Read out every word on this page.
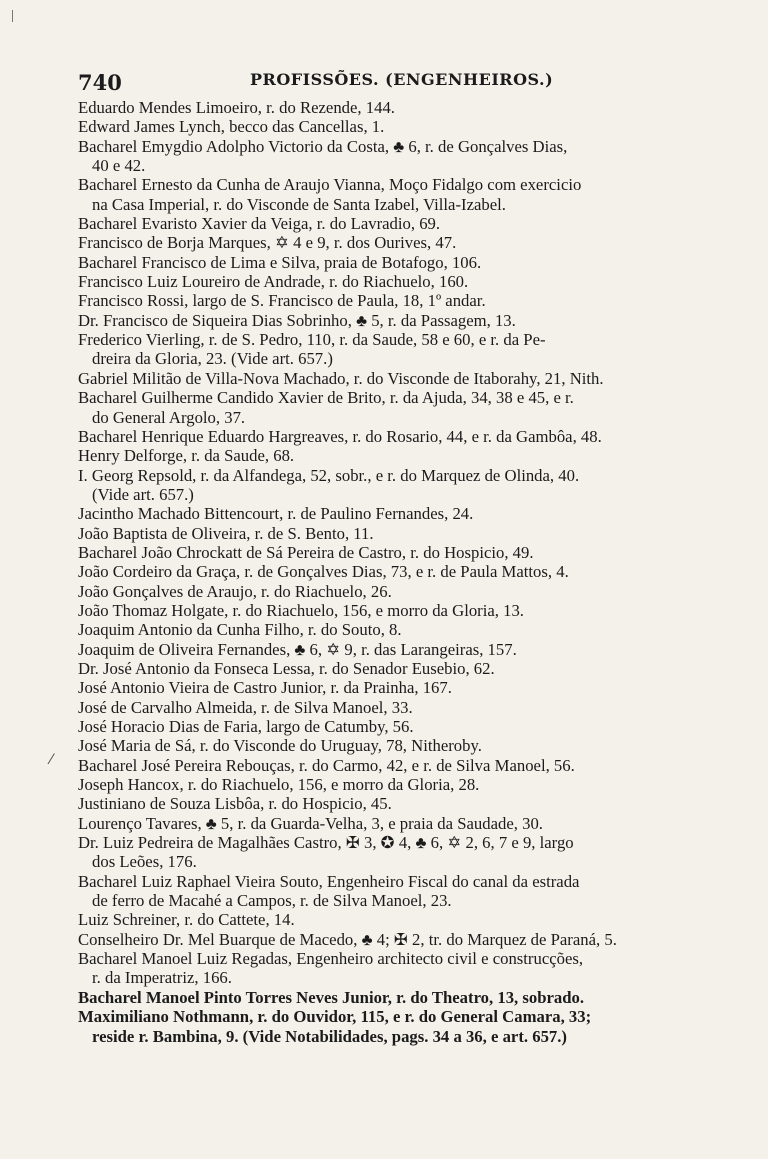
740	PROFISSÕES. (ENGENHEIROS.)
⁄
Eduardo Mendes Limoeiro, r. do Rezende, 144.
Edward James Lynch, becco das Cancellas, 1.
Bacharel Emygdio Adolpho Victorio da Costa, ♣ 6, r. de Gonçalves Dias,
40 e 42.
Bacharel Ernesto da Cunha de Araujo Vianna, Moço Fidalgo com exercicio
na Casa Imperial, r. do Visconde de Santa Izabel, Villa-Izabel.
Bacharel Evaristo Xavier da Veiga, r. do Lavradio, 69.
Francisco de Borja Marques, ✡ 4 e 9, r. dos Ourives, 47.
Bacharel Francisco de Lima e Silva, praia de Botafogo, 106.
Francisco Luiz Loureiro de Andrade, r. do Riachuelo, 160.
Francisco Rossi, largo de S. Francisco de Paula, 18, 1º andar.
Dr. Francisco de Siqueira Dias Sobrinho, ♣ 5, r. da Passagem, 13.
Frederico Vierling, r. de S. Pedro, 110, r. da Saude, 58 e 60, e r. da Pe-
dreira da Gloria, 23. (Vide art. 657.)
Gabriel Militão de Villa-Nova Machado, r. do Visconde de Itaborahy, 21, Nith.
Bacharel Guilherme Candido Xavier de Brito, r. da Ajuda, 34, 38 e 45, e r.
do General Argolo, 37.
Bacharel Henrique Eduardo Hargreaves, r. do Rosario, 44, e r. da Gambôa, 48.
Henry Delforge, r. da Saude, 68.
I. Georg Repsold, r. da Alfandega, 52, sobr., e r. do Marquez de Olinda, 40.
(Vide art. 657.)
Jacintho Machado Bittencourt, r. de Paulino Fernandes, 24.
João Baptista de Oliveira, r. de S. Bento, 11.
Bacharel João Chrockatt de Sá Pereira de Castro, r. do Hospicio, 49.
João Cordeiro da Graça, r. de Gonçalves Dias, 73, e r. de Paula Mattos, 4.
João Gonçalves de Araujo, r. do Riachuelo, 26.
João Thomaz Holgate, r. do Riachuelo, 156, e morro da Gloria, 13.
Joaquim Antonio da Cunha Filho, r. do Souto, 8.
Joaquim de Oliveira Fernandes, ♣ 6, ✡ 9, r. das Larangeiras, 157.
Dr. José Antonio da Fonseca Lessa, r. do Senador Eusebio, 62.
José Antonio Vieira de Castro Junior, r. da Prainha, 167.
José de Carvalho Almeida, r. de Silva Manoel, 33.
José Horacio Dias de Faria, largo de Catumby, 56.
José Maria de Sá, r. do Visconde do Uruguay, 78, Nitheroby.
Bacharel José Pereira Rebouças, r. do Carmo, 42, e r. de Silva Manoel, 56.
Joseph Hancox, r. do Riachuelo, 156, e morro da Gloria, 28.
Justiniano de Souza Lisbôa, r. do Hospicio, 45.
Lourenço Tavares, ♣ 5, r. da Guarda-Velha, 3, e praia da Saudade, 30.
Dr. Luiz Pedreira de Magalhães Castro, ✠ 3, ✪ 4, ♣ 6, ✡ 2, 6, 7 e 9, largo
dos Leões, 176.
Bacharel Luiz Raphael Vieira Souto, Engenheiro Fiscal do canal da estrada
de ferro de Macahé a Campos, r. de Silva Manoel, 23.
Luiz Schreiner, r. do Cattete, 14.
Conselheiro Dr. Mel Buarque de Macedo, ♣ 4; ✠ 2, tr. do Marquez de Paraná, 5.
Bacharel Manoel Luiz Regadas, Engenheiro architecto civil e construcções,
r. da Imperatriz, 166.
Bacharel Manoel Pinto Torres Neves Junior, r. do Theatro, 13, sobrado.
Maximiliano Nothmann, r. do Ouvidor, 115, e r. do General Camara, 33;
reside r. Bambina, 9. (Vide Notabilidades, pags. 34 a 36, e art. 657.)
